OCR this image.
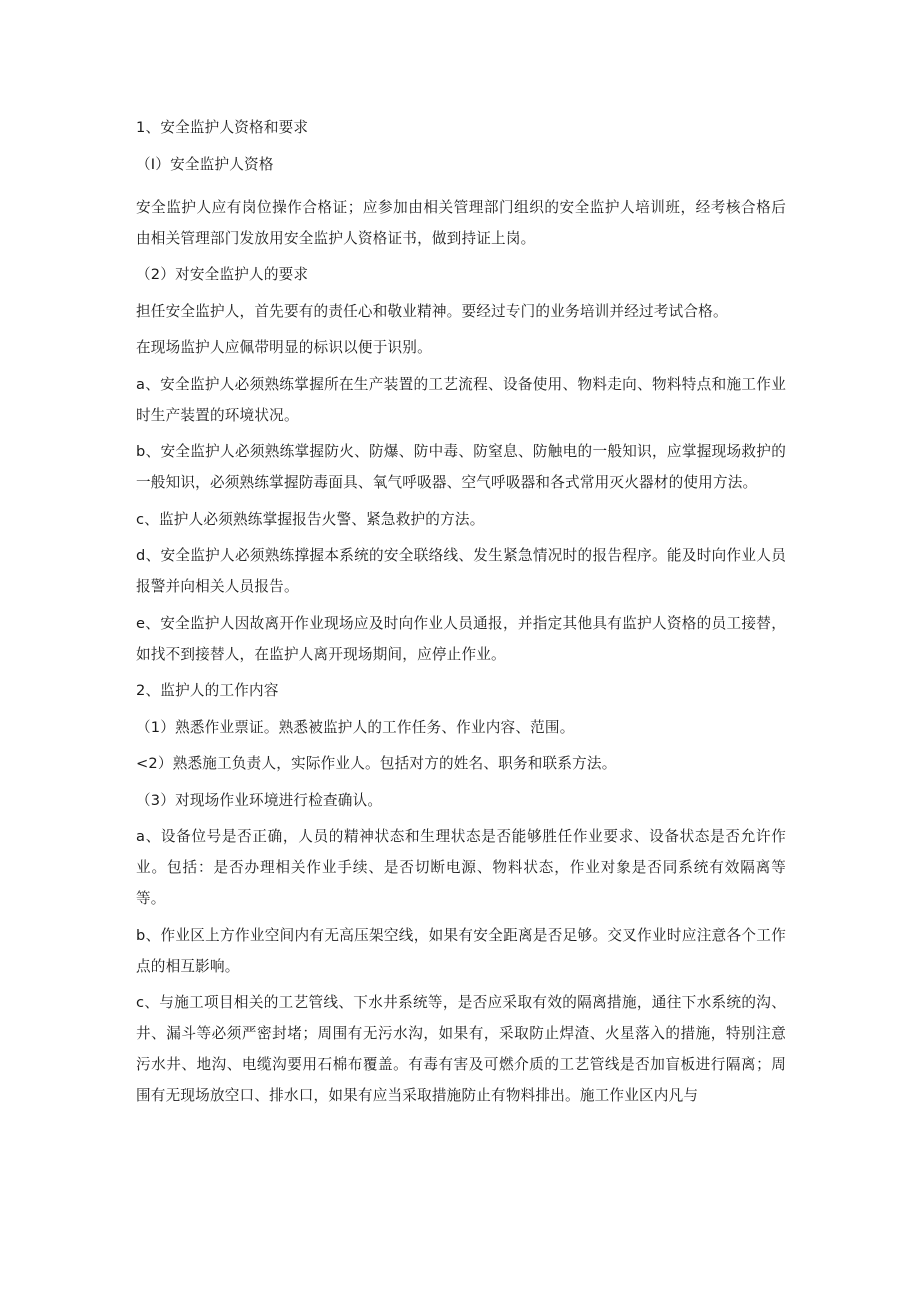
1、安全监护人资格和要求

（I）安全监护人资格

安全监护人应有岗位操作合格证；应参加由相关管理部门组织的安全监护人培训班，经考核合格后由相关管理部门发放用安全监护人资格证书，做到持证上岗。

（2）对安全监护人的要求

担任安全监护人，首先要有的责任心和敬业精神。要经过专门的业务培训并经过考试合格。

在现场监护人应佩带明显的标识以便于识别。

a、安全监护人必须熟练掌握所在生产装置的工艺流程、设备使用、物料走向、物料特点和施工作业时生产装置的环境状况。

b、安全监护人必须熟练掌握防火、防爆、防中毒、防窒息、防触电的一般知识，应掌握现场救护的一般知识，必须熟练掌握防毒面具、氧气呼吸器、空气呼吸器和各式常用灭火器材的使用方法。

c、监护人必须熟练掌握报告火警、紧急救护的方法。

d、安全监护人必须熟练撑握本系统的安全联络线、发生紧急情况时的报告程序。能及时向作业人员报警并向相关人员报告。

e、安全监护人因故离开作业现场应及时向作业人员通报，并指定其他具有监护人资格的员工接替，如找不到接替人，在监护人离开现场期间，应停止作业。

2、监护人的工作内容

（1）熟悉作业票证。熟悉被监护人的工作任务、作业内容、范围。

<2）熟悉施工负责人，实际作业人。包括对方的姓名、职务和联系方法。

（3）对现场作业环境进行检查确认。

a、设备位号是否正确，人员的精神状态和生理状态是否能够胜任作业要求、设备状态是否允许作业。包括：是否办理相关作业手续、是否切断电源、物料状态，作业对象是否同系统有效隔离等等。

b、作业区上方作业空间内有无高压架空线，如果有安全距离是否足够。交叉作业时应注意各个工作点的相互影响。

c、与施工项目相关的工艺管线、下水井系统等，是否应采取有效的隔离措施，通往下水系统的沟、井、漏斗等必须严密封堵；周围有无污水沟，如果有，采取防止焊渣、火星落入的措施，特别注意污水井、地沟、电缆沟要用石棉布覆盖。有毒有害及可燃介质的工艺管线是否加盲板进行隔离；周围有无现场放空口、排水口，如果有应当采取措施防止有物料排出。施工作业区内凡与
